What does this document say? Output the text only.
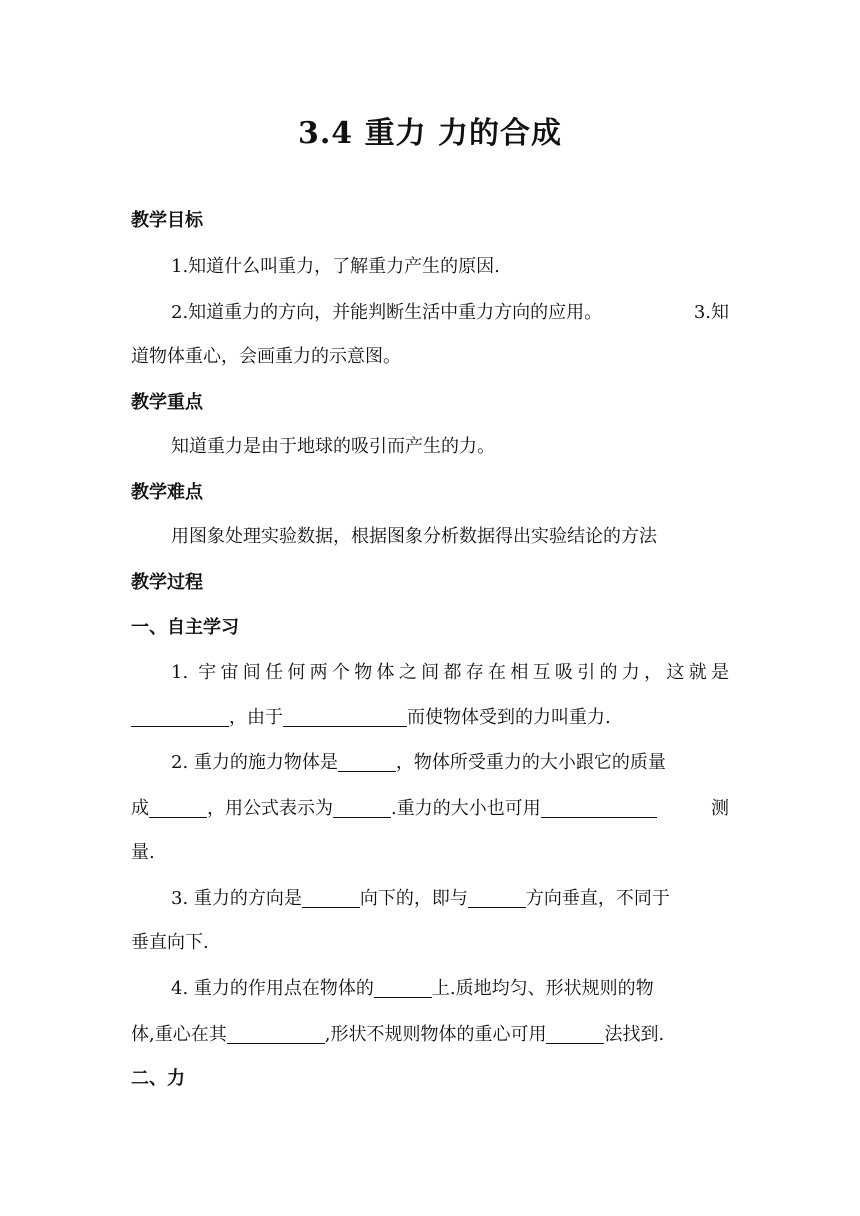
3.4 重力 力的合成
教学目标
1.知道什么叫重力，了解重力产生的原因.
2.知道重力的方向，并能判断生活中重力方向的应用。	3.知
道物体重心，会画重力的示意图。
教学重点
知道重力是由于地球的吸引而产生的力。
教学难点
用图象处理实验数据，根据图象分析数据得出实验结论的方法
教学过程
一、自主学习
1. 宇宙间任何两个物体之间都存在相互吸引的力，这就是
，由于	而使物体受到的力叫重力.
2. 重力的施力物体是	，物体所受重力的大小跟它的质量
成	，用公式表示为	.重力的大小也可用	测
量.
3. 重力的方向是	向下的，即与	方向垂直，不同于
垂直向下.
4. 重力的作用点在物体的	上.质地均匀、形状规则的物
体,重心在其	,形状不规则物体的重心可用	法找到.
二、力
